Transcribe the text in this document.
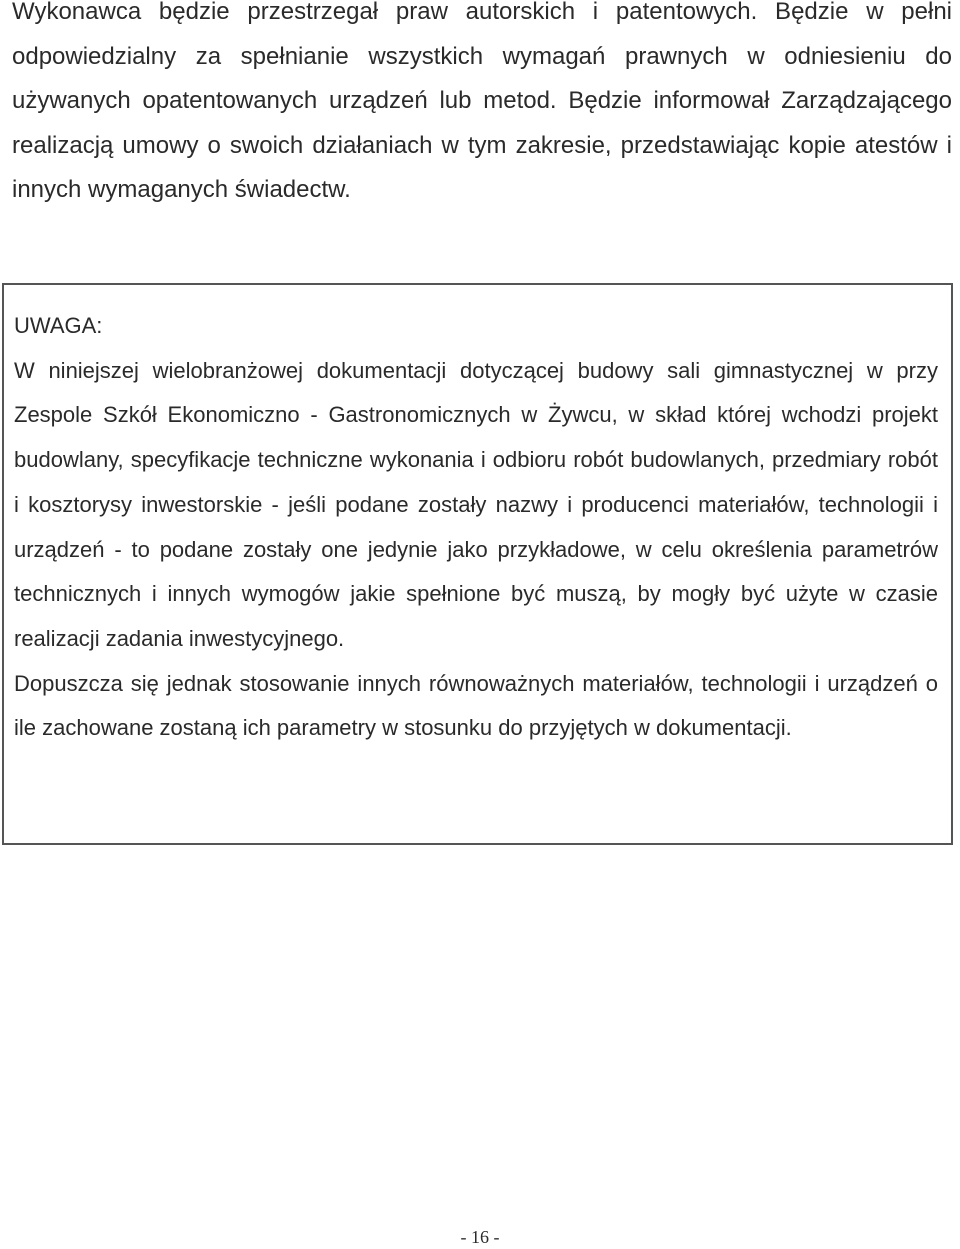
Wykonawca będzie przestrzegał praw autorskich i patentowych. Będzie w pełni odpowiedzialny za spełnianie wszystkich wymagań prawnych w odniesieniu do używanych opatentowanych urządzeń lub metod. Będzie informował Zarządzającego realizacją umowy o swoich działaniach w tym zakresie, przedstawiając kopie atestów i innych wymaganych świadectw.

UWAGA:

W niniejszej wielobranżowej dokumentacji dotyczącej budowy sali gimnastycznej w przy Zespole Szkół Ekonomiczno - Gastronomicznych w Żywcu, w skład której wchodzi projekt budowlany, specyfikacje techniczne wykonania i odbioru robót budowlanych, przedmiary robót i kosztorysy inwestorskie - jeśli podane zostały nazwy i producenci materiałów, technologii i urządzeń - to podane zostały one jedynie jako przykładowe, w celu określenia parametrów technicznych i innych wymogów jakie spełnione być muszą, by mogły być użyte w czasie realizacji zadania inwestycyjnego.

Dopuszcza się jednak stosowanie innych równoważnych materiałów, technologii i urządzeń o ile zachowane zostaną ich parametry w stosunku do przyjętych w dokumentacji.

- 16 -
